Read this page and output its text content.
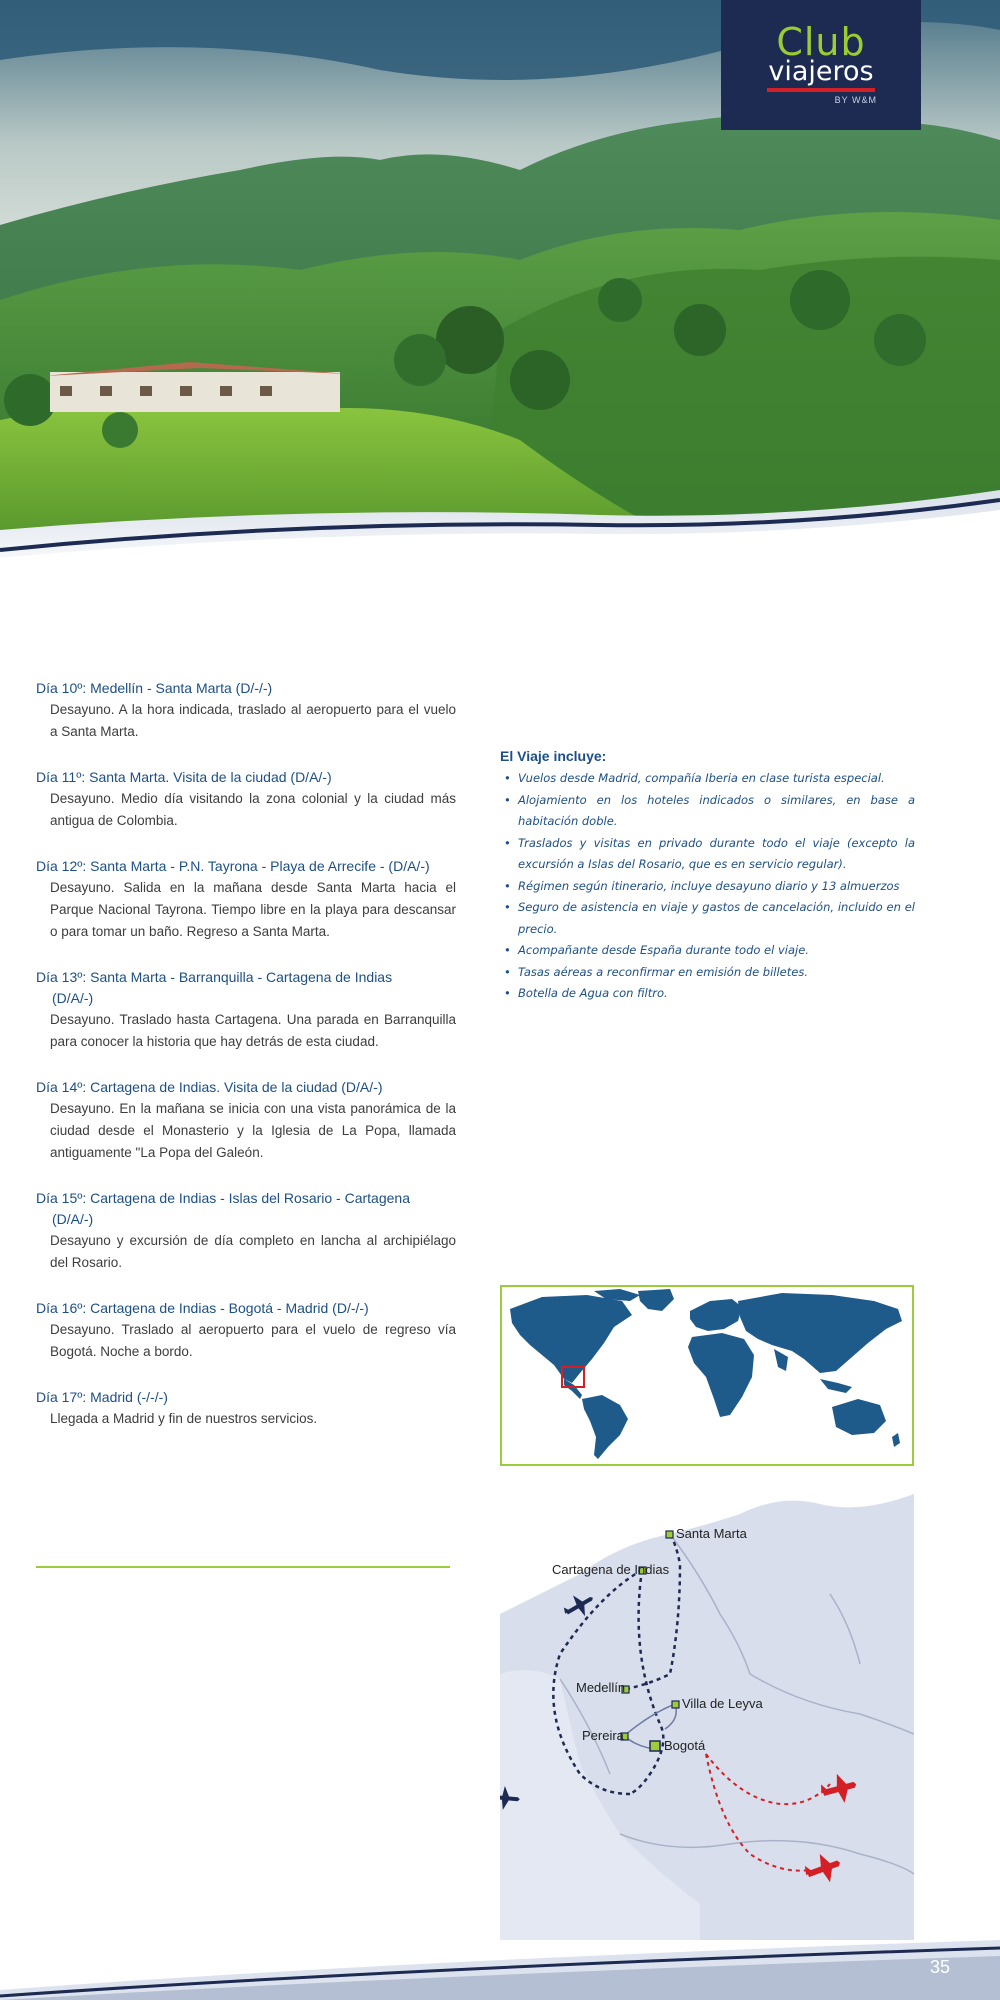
Club
viajeros
BY W&M

Día 10º: Medellín - Santa Marta (D/-/-)

Desayuno. A la hora indicada, traslado al aeropuerto para el vuelo a Santa Marta.

Día 11º: Santa Marta. Visita de la ciudad (D/A/-)

Desayuno. Medio día visitando la zona colonial y la ciudad más antigua de Colombia.

Día 12º: Santa Marta - P.N. Tayrona - Playa de Arrecife - (D/A/-)

Desayuno. Salida en la mañana desde Santa Marta hacia el Parque Nacional Tayrona. Tiempo libre en la playa para descansar o para tomar un baño. Regreso a Santa Marta.

Día 13º: Santa Marta - Barranquilla - Cartagena de Indias
(D/A/-)

Desayuno. Traslado hasta Cartagena. Una parada en Barranquilla para conocer la historia que hay detrás de esta ciudad.

Día 14º: Cartagena de Indias. Visita de la ciudad (D/A/-)

Desayuno. En la mañana se inicia con una vista panorámica de la ciudad desde el Monasterio y la Iglesia de La Popa, llamada antiguamente "La Popa del Galeón.

Día 15º: Cartagena de Indias - Islas del Rosario - Cartagena
(D/A/-)

Desayuno y excursión de día completo en lancha al archipiélago del Rosario.

Día 16º: Cartagena de Indias - Bogotá - Madrid (D/-/-)

Desayuno. Traslado al aeropuerto para el vuelo de regreso vía Bogotá. Noche a bordo.

Día 17º: Madrid (-/-/-)

Llegada a Madrid y fin de nuestros servicios.

El Viaje incluye:
• Vuelos desde Madrid, compañía Iberia en clase turista especial.
• Alojamiento en los hoteles indicados o similares, en base a habitación doble.
• Traslados y visitas en privado durante todo el viaje (excepto la excursión a Islas del Rosario, que es en servicio regular).
• Régimen según itinerario, incluye desayuno diario y 13 almuerzos
• Seguro de asistencia en viaje y gastos de cancelación, incluido en el precio.
• Acompañante desde España durante todo el viaje.
• Tasas aéreas a reconfirmar en emisión de billetes.
• Botella de Agua con filtro.
Santa Marta
Cartagena de Indias
Medellín
Villa de Leyva
Pereira
Bogotá
35
